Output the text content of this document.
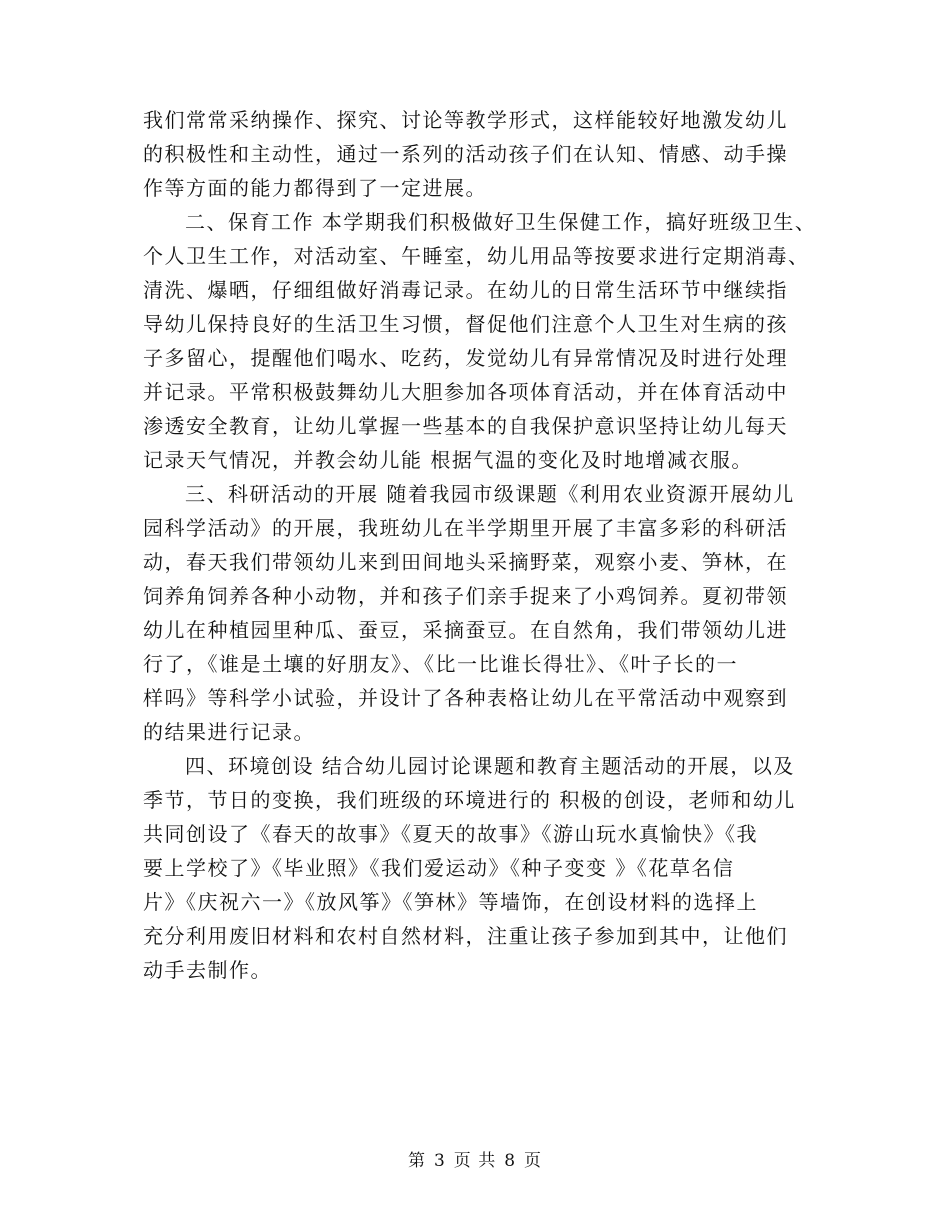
我们常常采纳操作、探究、讨论等教学形式，这样能较好地激发幼儿
的积极性和主动性，通过一系列的活动孩子们在认知、情感、动手操
作等方面的能力都得到了一定进展。
二、保育工作 本学期我们积极做好卫生保健工作，搞好班级卫生、
个人卫生工作，对活动室、午睡室，幼儿用品等按要求进行定期消毒、
清洗、爆晒，仔细组做好消毒记录。在幼儿的日常生活环节中继续指
导幼儿保持良好的生活卫生习惯，督促他们注意个人卫生对生病的孩
子多留心，提醒他们喝水、吃药，发觉幼儿有异常情况及时进行处理
并记录。平常积极鼓舞幼儿大胆参加各项体育活动，并在体育活动中
渗透安全教育，让幼儿掌握一些基本的自我保护意识坚持让幼儿每天
记录天气情况，并教会幼儿能 根据气温的变化及时地增减衣服。
三、科研活动的开展 随着我园市级课题《利用农业资源开展幼儿
园科学活动》的开展，我班幼儿在半学期里开展了丰富多彩的科研活
动，春天我们带领幼儿来到田间地头采摘野菜，观察小麦、笋林，在
饲养角饲养各种小动物，并和孩子们亲手捉来了小鸡饲养。夏初带领
幼儿在种植园里种瓜、蚕豆，采摘蚕豆。在自然角，我们带领幼儿进
行了，《谁是土壤的好朋友》、《比一比谁长得壮》、《叶子长的一
样吗》等科学小试验，并设计了各种表格让幼儿在平常活动中观察到
的结果进行记录。
四、环境创设 结合幼儿园讨论课题和教育主题活动的开展，以及
季节，节日的变换，我们班级的环境进行的 积极的创设，老师和幼儿
共同创设了《春天的故事》《夏天的故事》《游山玩水真愉快》《我
要上学校了》《毕业照》《我们爱运动》《种子变变 》《花草名信
片》《庆祝六一》《放风筝》《笋林》等墙饰，在创设材料的选择上
充分利用废旧材料和农村自然材料，注重让孩子参加到其中，让他们
动手去制作。
第 3 页 共 8 页
